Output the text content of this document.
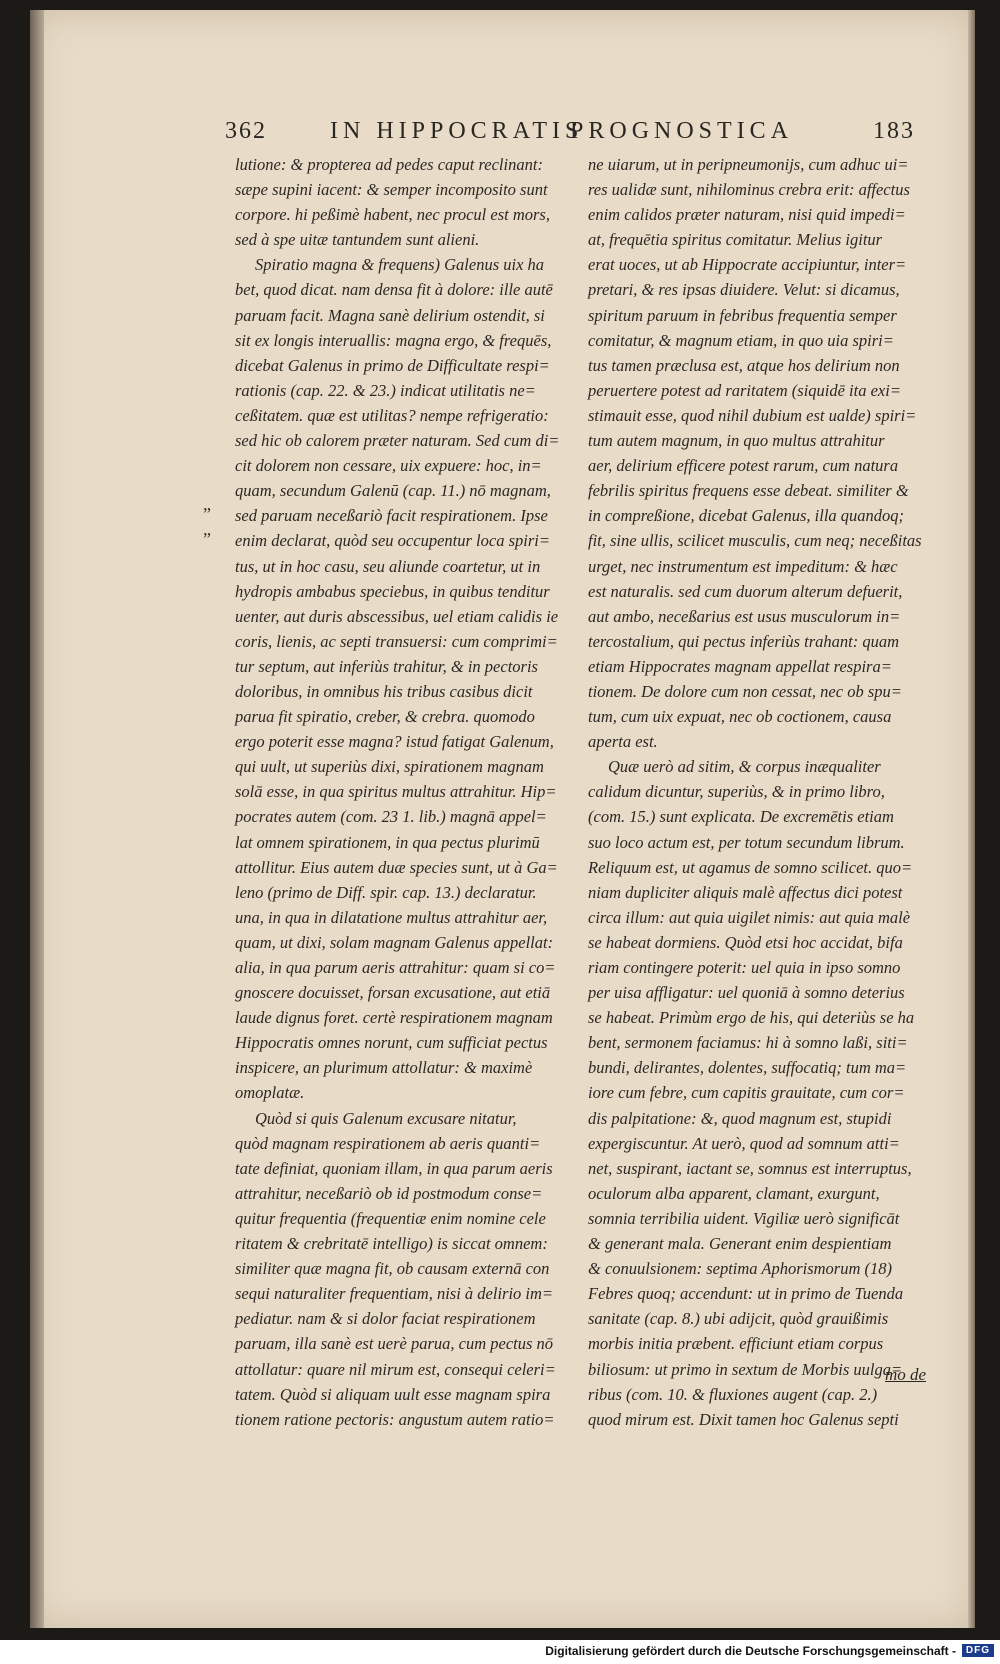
362	IN HIPPOCRATIS
PROGNOSTICA	183
„
„

lutione: & propterea ad pedes caput reclinant:

sæpe supini iacent: & semper incomposito sunt

corpore. hi peßimè habent, nec procul est mors,

sed à spe uitæ tantundem sunt alieni.

Spiratio magna & frequens) Galenus uix ha

bet, quod dicat. nam densa fit à dolore: ille autē

paruam facit. Magna sanè delirium ostendit, si

sit ex longis interuallis: magna ergo, & frequēs,

dicebat Galenus in primo de Difficultate respi=

rationis (cap. 22. & 23.) indicat utilitatis ne=

ceßitatem. quæ est utilitas? nempe refrigeratio:

sed hic ob calorem præter naturam. Sed cum di=

cit dolorem non cessare, uix expuere: hoc, in=

quam, secundum Galenū (cap. 11.) nō magnam,

sed paruam neceßariò facit respirationem. Ipse

enim declarat, quòd seu occupentur loca spiri=

tus, ut in hoc casu, seu aliunde coartetur, ut in

hydropis ambabus speciebus, in quibus tenditur

uenter, aut duris abscessibus, uel etiam calidis ie

coris, lienis, ac septi transuersi: cum comprimi=

tur septum, aut inferiùs trahitur, & in pectoris

doloribus, in omnibus his tribus casibus dicit

parua fit spiratio, creber, & crebra. quomodo

ergo poterit esse magna? istud fatigat Galenum,

qui uult, ut superiùs dixi, spirationem magnam

solā esse, in qua spiritus multus attrahitur. Hip=

pocrates autem (com. 23 1. lib.) magnā appel=

lat omnem spirationem, in qua pectus plurimū

attollitur. Eius autem duæ species sunt, ut à Ga=

leno (primo de Diff. spir. cap. 13.) declaratur.

una, in qua in dilatatione multus attrahitur aer,

quam, ut dixi, solam magnam Galenus appellat:

alia, in qua parum aeris attrahitur: quam si co=

gnoscere docuisset, forsan excusatione, aut etiā

laude dignus foret. certè respirationem magnam

Hippocratis omnes norunt, cum sufficiat pectus

inspicere, an plurimum attollatur: & maximè

omoplatæ.

Quòd si quis Galenum excusare nitatur,

quòd magnam respirationem ab aeris quanti=

tate definiat, quoniam illam, in qua parum aeris

attrahitur, neceßariò ob id postmodum conse=

quitur frequentia (frequentiæ enim nomine cele

ritatem & crebritatē intelligo) is siccat omnem:

similiter quæ magna fit, ob causam externā con

sequi naturaliter frequentiam, nisi à delirio im=

pediatur. nam & si dolor faciat respirationem

paruam, illa sanè est uerè parua, cum pectus nō

attollatur: quare nil mirum est, consequi celeri=

tatem. Quòd si aliquam uult esse magnam spira

tionem ratione pectoris: angustum autem ratio=

ne uiarum, ut in peripneumonijs, cum adhuc ui=

res ualidæ sunt, nihilominus crebra erit: affectus

enim calidos præter naturam, nisi quid impedi=

at, frequētia spiritus comitatur. Melius igitur

erat uoces, ut ab Hippocrate accipiuntur, inter=

pretari, & res ipsas diuidere. Velut: si dicamus,

spiritum paruum in febribus frequentia semper

comitatur, & magnum etiam, in quo uia spiri=

tus tamen præclusa est, atque hos delirium non

peruertere potest ad raritatem (siquidē ita exi=

stimauit esse, quod nihil dubium est ualde) spiri=

tum autem magnum, in quo multus attrahitur

aer, delirium efficere potest rarum, cum natura

febrilis spiritus frequens esse debeat. similiter &

in compreßione, dicebat Galenus, illa quandoq;

fit, sine ullis, scilicet musculis, cum neq; neceßitas

urget, nec instrumentum est impeditum: & hæc

est naturalis. sed cum duorum alterum defuerit,

aut ambo, neceßarius est usus musculorum in=

tercostalium, qui pectus inferiùs trahant: quam

etiam Hippocrates magnam appellat respira=

tionem. De dolore cum non cessat, nec ob spu=

tum, cum uix expuat, nec ob coctionem, causa

aperta est.

Quæ uerò ad sitim, & corpus inæqualiter

calidum dicuntur, superiùs, & in primo libro,

(com. 15.) sunt explicata. De excremētis etiam

suo loco actum est, per totum secundum librum.

Reliquum est, ut agamus de somno scilicet. quo=

niam dupliciter aliquis malè affectus dici potest

circa illum: aut quia uigilet nimis: aut quia malè

se habeat dormiens. Quòd etsi hoc accidat, bifa

riam contingere poterit: uel quia in ipso somno

per uisa affligatur: uel quoniā à somno deterius

se habeat. Primùm ergo de his, qui deteriùs se ha

bent, sermonem faciamus: hi à somno laßi, siti=

bundi, delirantes, dolentes, suffocatiq; tum ma=

iore cum febre, cum capitis grauitate, cum cor=

dis palpitatione: &, quod magnum est, stupidi

expergiscuntur. At uerò, quod ad somnum atti=

net, suspirant, iactant se, somnus est interruptus,

oculorum alba apparent, clamant, exurgunt,

somnia terribilia uident. Vigiliæ uerò significāt

& generant mala. Generant enim despientiam

& conuulsionem: septima Aphorismorum (18)

Febres quoq; accendunt: ut in primo de Tuenda

sanitate (cap. 8.) ubi adijcit, quòd grauißimis

morbis initia præbent. efficiunt etiam corpus

biliosum: ut primo in sextum de Morbis uulga=

ribus (com. 10. & fluxiones augent (cap. 2.)

quod mirum est. Dixit tamen hoc Galenus septi

mo de
Digitalisierung gefördert durch die Deutsche Forschungsgemeinschaft - DFG
